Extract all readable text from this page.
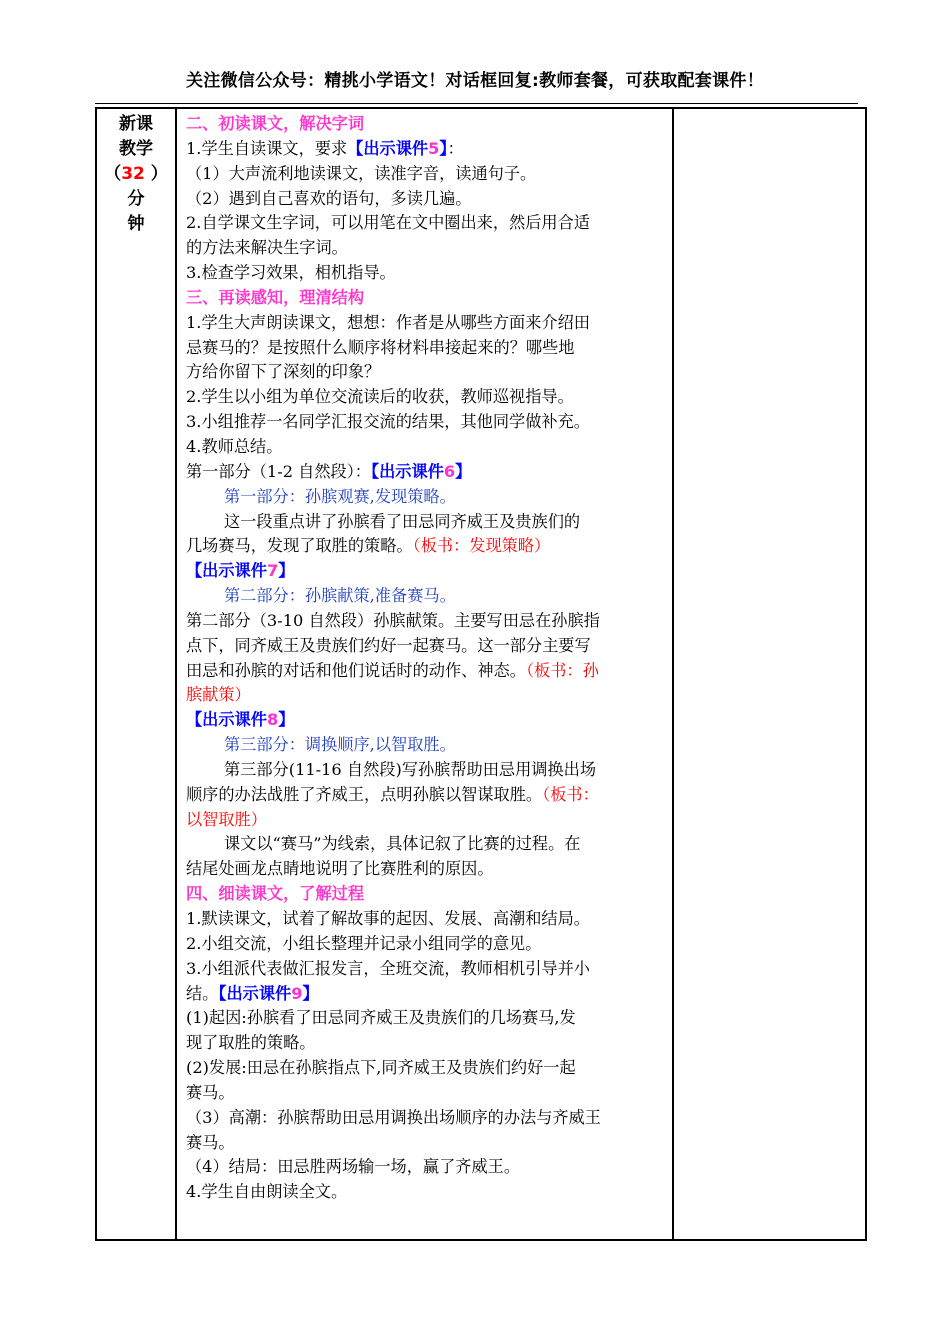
关注微信公众号：精挑小学语文！对话框回复:教师套餐，可获取配套课件！
新课
教学
（32 ）分
钟

二、初读课文，解决字词
1.学生自读课文，要求【出示课件5】：
（1）大声流利地读课文，读准字音，读通句子。
（2）遇到自己喜欢的语句，多读几遍。
2.自学课文生字词，可以用笔在文中圈出来，然后用合适
的方法来解决生字词。
3.检查学习效果，相机指导。
三、再读感知，理清结构
1.学生大声朗读课文，想想：作者是从哪些方面来介绍田
忌赛马的？是按照什么顺序将材料串接起来的？哪些地
方给你留下了深刻的印象？
2.学生以小组为单位交流读后的收获，教师巡视指导。
3.小组推荐一名同学汇报交流的结果，其他同学做补充。
4.教师总结。
第一部分（1-2 自然段）：【出示课件6】
第一部分：孙膑观赛,发现策略。
这一段重点讲了孙膑看了田忌同齐威王及贵族们的
几场赛马，发现了取胜的策略。（板书：发现策略）
【出示课件7】
第二部分：孙膑献策,准备赛马。
第二部分（3-10 自然段）孙膑献策。主要写田忌在孙膑指
点下，同齐威王及贵族们约好一起赛马。这一部分主要写
田忌和孙膑的对话和他们说话时的动作、神态。（板书：孙
膑献策）
【出示课件8】
第三部分：调换顺序,以智取胜。
第三部分(11-16 自然段)写孙膑帮助田忌用调换出场
顺序的办法战胜了齐威王，点明孙膑以智谋取胜。（板书：
以智取胜）
课文以“赛马”为线索，具体记叙了比赛的过程。在
结尾处画龙点睛地说明了比赛胜利的原因。
四、细读课文，了解过程
1.默读课文，试着了解故事的起因、发展、高潮和结局。
2.小组交流，小组长整理并记录小组同学的意见。
3.小组派代表做汇报发言，全班交流，教师相机引导并小
结。【出示课件9】
(1)起因:孙膑看了田忌同齐威王及贵族们的几场赛马,发
现了取胜的策略。
(2)发展:田忌在孙膑指点下,同齐威王及贵族们约好一起
赛马。
（3）高潮：孙膑帮助田忌用调换出场顺序的办法与齐威王
赛马。
（4）结局：田忌胜两场输一场，赢了齐威王。
4.学生自由朗读全文。
